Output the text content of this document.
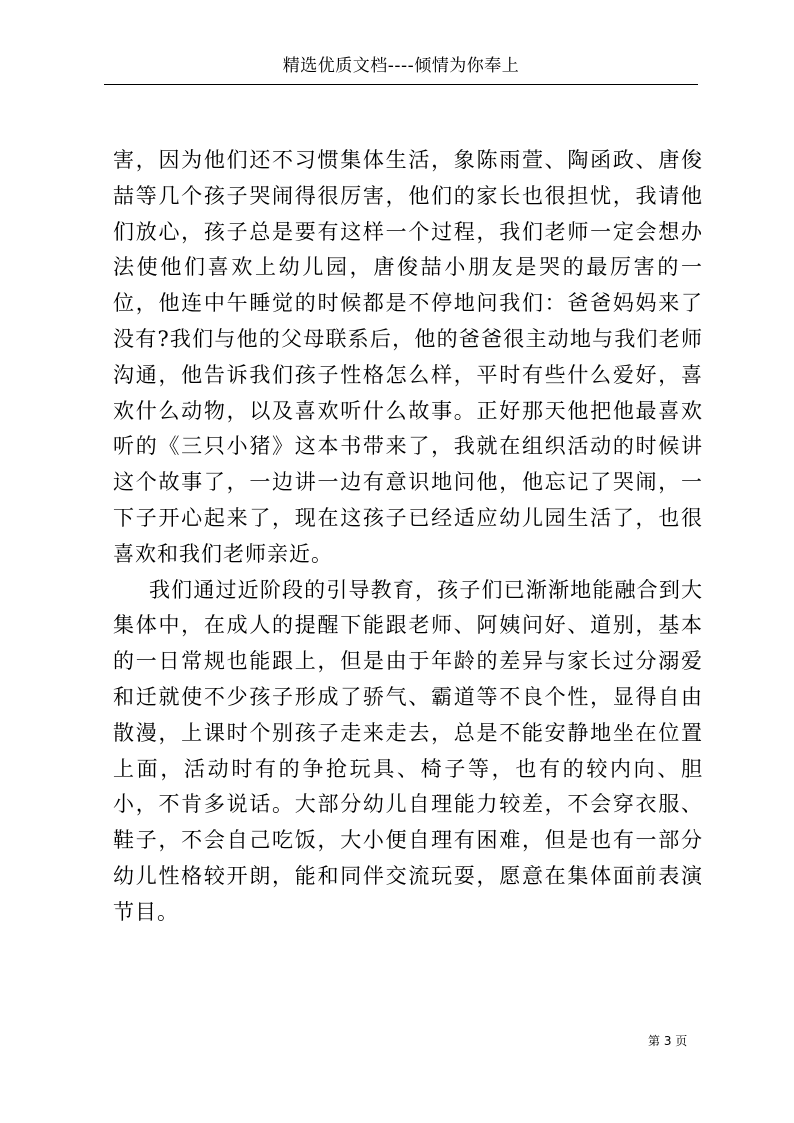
精选优质文档----倾情为你奉上

害，因为他们还不习惯集体生活，象陈雨萱、陶函政、唐俊喆等几个孩子哭闹得很厉害，他们的家长也很担忧，我请他们放心，孩子总是要有这样一个过程，我们老师一定会想办法使他们喜欢上幼儿园，唐俊喆小朋友是哭的最厉害的一位，他连中午睡觉的时候都是不停地问我们：爸爸妈妈来了没有?我们与他的父母联系后，他的爸爸很主动地与我们老师沟通，他告诉我们孩子性格怎么样，平时有些什么爱好，喜欢什么动物，以及喜欢听什么故事。正好那天他把他最喜欢听的《三只小猪》这本书带来了，我就在组织活动的时候讲这个故事了，一边讲一边有意识地问他，他忘记了哭闹，一下子开心起来了，现在这孩子已经适应幼儿园生活了，也很喜欢和我们老师亲近。

我们通过近阶段的引导教育，孩子们已渐渐地能融合到大集体中，在成人的提醒下能跟老师、阿姨问好、道别，基本的一日常规也能跟上，但是由于年龄的差异与家长过分溺爱和迁就使不少孩子形成了骄气、霸道等不良个性，显得自由散漫，上课时个别孩子走来走去，总是不能安静地坐在位置上面，活动时有的争抢玩具、椅子等，也有的较内向、胆小，不肯多说话。大部分幼儿自理能力较差，不会穿衣服、鞋子，不会自己吃饭，大小便自理有困难，但是也有一部分幼儿性格较开朗，能和同伴交流玩耍，愿意在集体面前表演节目。

第 3 页
